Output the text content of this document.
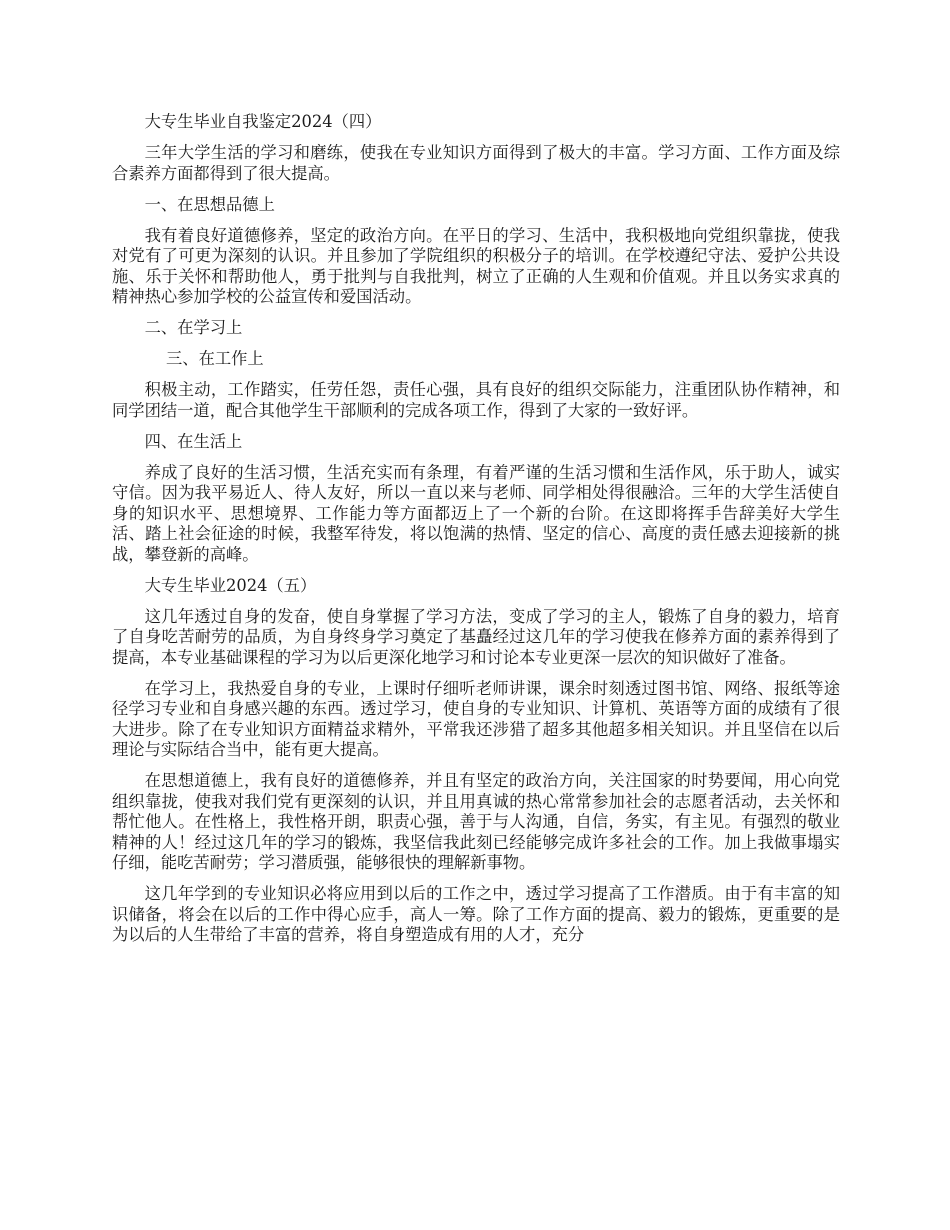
大专生毕业自我鉴定2024（四）

三年大学生活的学习和磨练，使我在专业知识方面得到了极大的丰富。学习方面、工作方面及综合素养方面都得到了很大提高。

一、在思想品德上

我有着良好道德修养，坚定的政治方向。在平日的学习、生活中，我积极地向党组织靠拢，使我对党有了可更为深刻的认识。并且参加了学院组织的积极分子的培训。在学校遵纪守法、爱护公共设施、乐于关怀和帮助他人，勇于批判与自我批判，树立了正确的人生观和价值观。并且以务实求真的精神热心参加学校的公益宣传和爱国活动。

二、在学习上

三、在工作上

积极主动，工作踏实，任劳任怨，责任心强，具有良好的组织交际能力，注重团队协作精神，和同学团结一道，配合其他学生干部顺利的完成各项工作，得到了大家的一致好评。

四、在生活上

养成了良好的生活习惯，生活充实而有条理，有着严谨的生活习惯和生活作风，乐于助人，诚实守信。因为我平易近人、待人友好，所以一直以来与老师、同学相处得很融洽。三年的大学生活使自身的知识水平、思想境界、工作能力等方面都迈上了一个新的台阶。在这即将挥手告辞美好大学生活、踏上社会征途的时候，我整军待发，将以饱满的热情、坚定的信心、高度的责任感去迎接新的挑战，攀登新的高峰。

大专生毕业2024（五）

这几年透过自身的发奋，使自身掌握了学习方法，变成了学习的主人，锻炼了自身的毅力，培育了自身吃苦耐劳的品质，为自身终身学习奠定了基矗经过这几年的学习使我在修养方面的素养得到了提高，本专业基础课程的学习为以后更深化地学习和讨论本专业更深一层次的知识做好了准备。

在学习上，我热爱自身的专业，上课时仔细听老师讲课，课余时刻透过图书馆、网络、报纸等途径学习专业和自身感兴趣的东西。透过学习，使自身的专业知识、计算机、英语等方面的成绩有了很大进步。除了在专业知识方面精益求精外，平常我还涉猎了超多其他超多相关知识。并且坚信在以后理论与实际结合当中，能有更大提高。

在思想道德上，我有良好的道德修养，并且有坚定的政治方向，关注国家的时势要闻，用心向党组织靠拢，使我对我们党有更深刻的认识，并且用真诚的热心常常参加社会的志愿者活动，去关怀和帮忙他人。在性格上，我性格开朗，职责心强，善于与人沟通，自信，务实，有主见。有强烈的敬业精神的人！经过这几年的学习的锻炼，我坚信我此刻已经能够完成许多社会的工作。加上我做事塌实仔细，能吃苦耐劳；学习潜质强，能够很快的理解新事物。

这几年学到的专业知识必将应用到以后的工作之中，透过学习提高了工作潜质。由于有丰富的知识储备，将会在以后的工作中得心应手，高人一筹。除了工作方面的提高、毅力的锻炼，更重要的是为以后的人生带给了丰富的营养，将自身塑造成有用的人才，充分
